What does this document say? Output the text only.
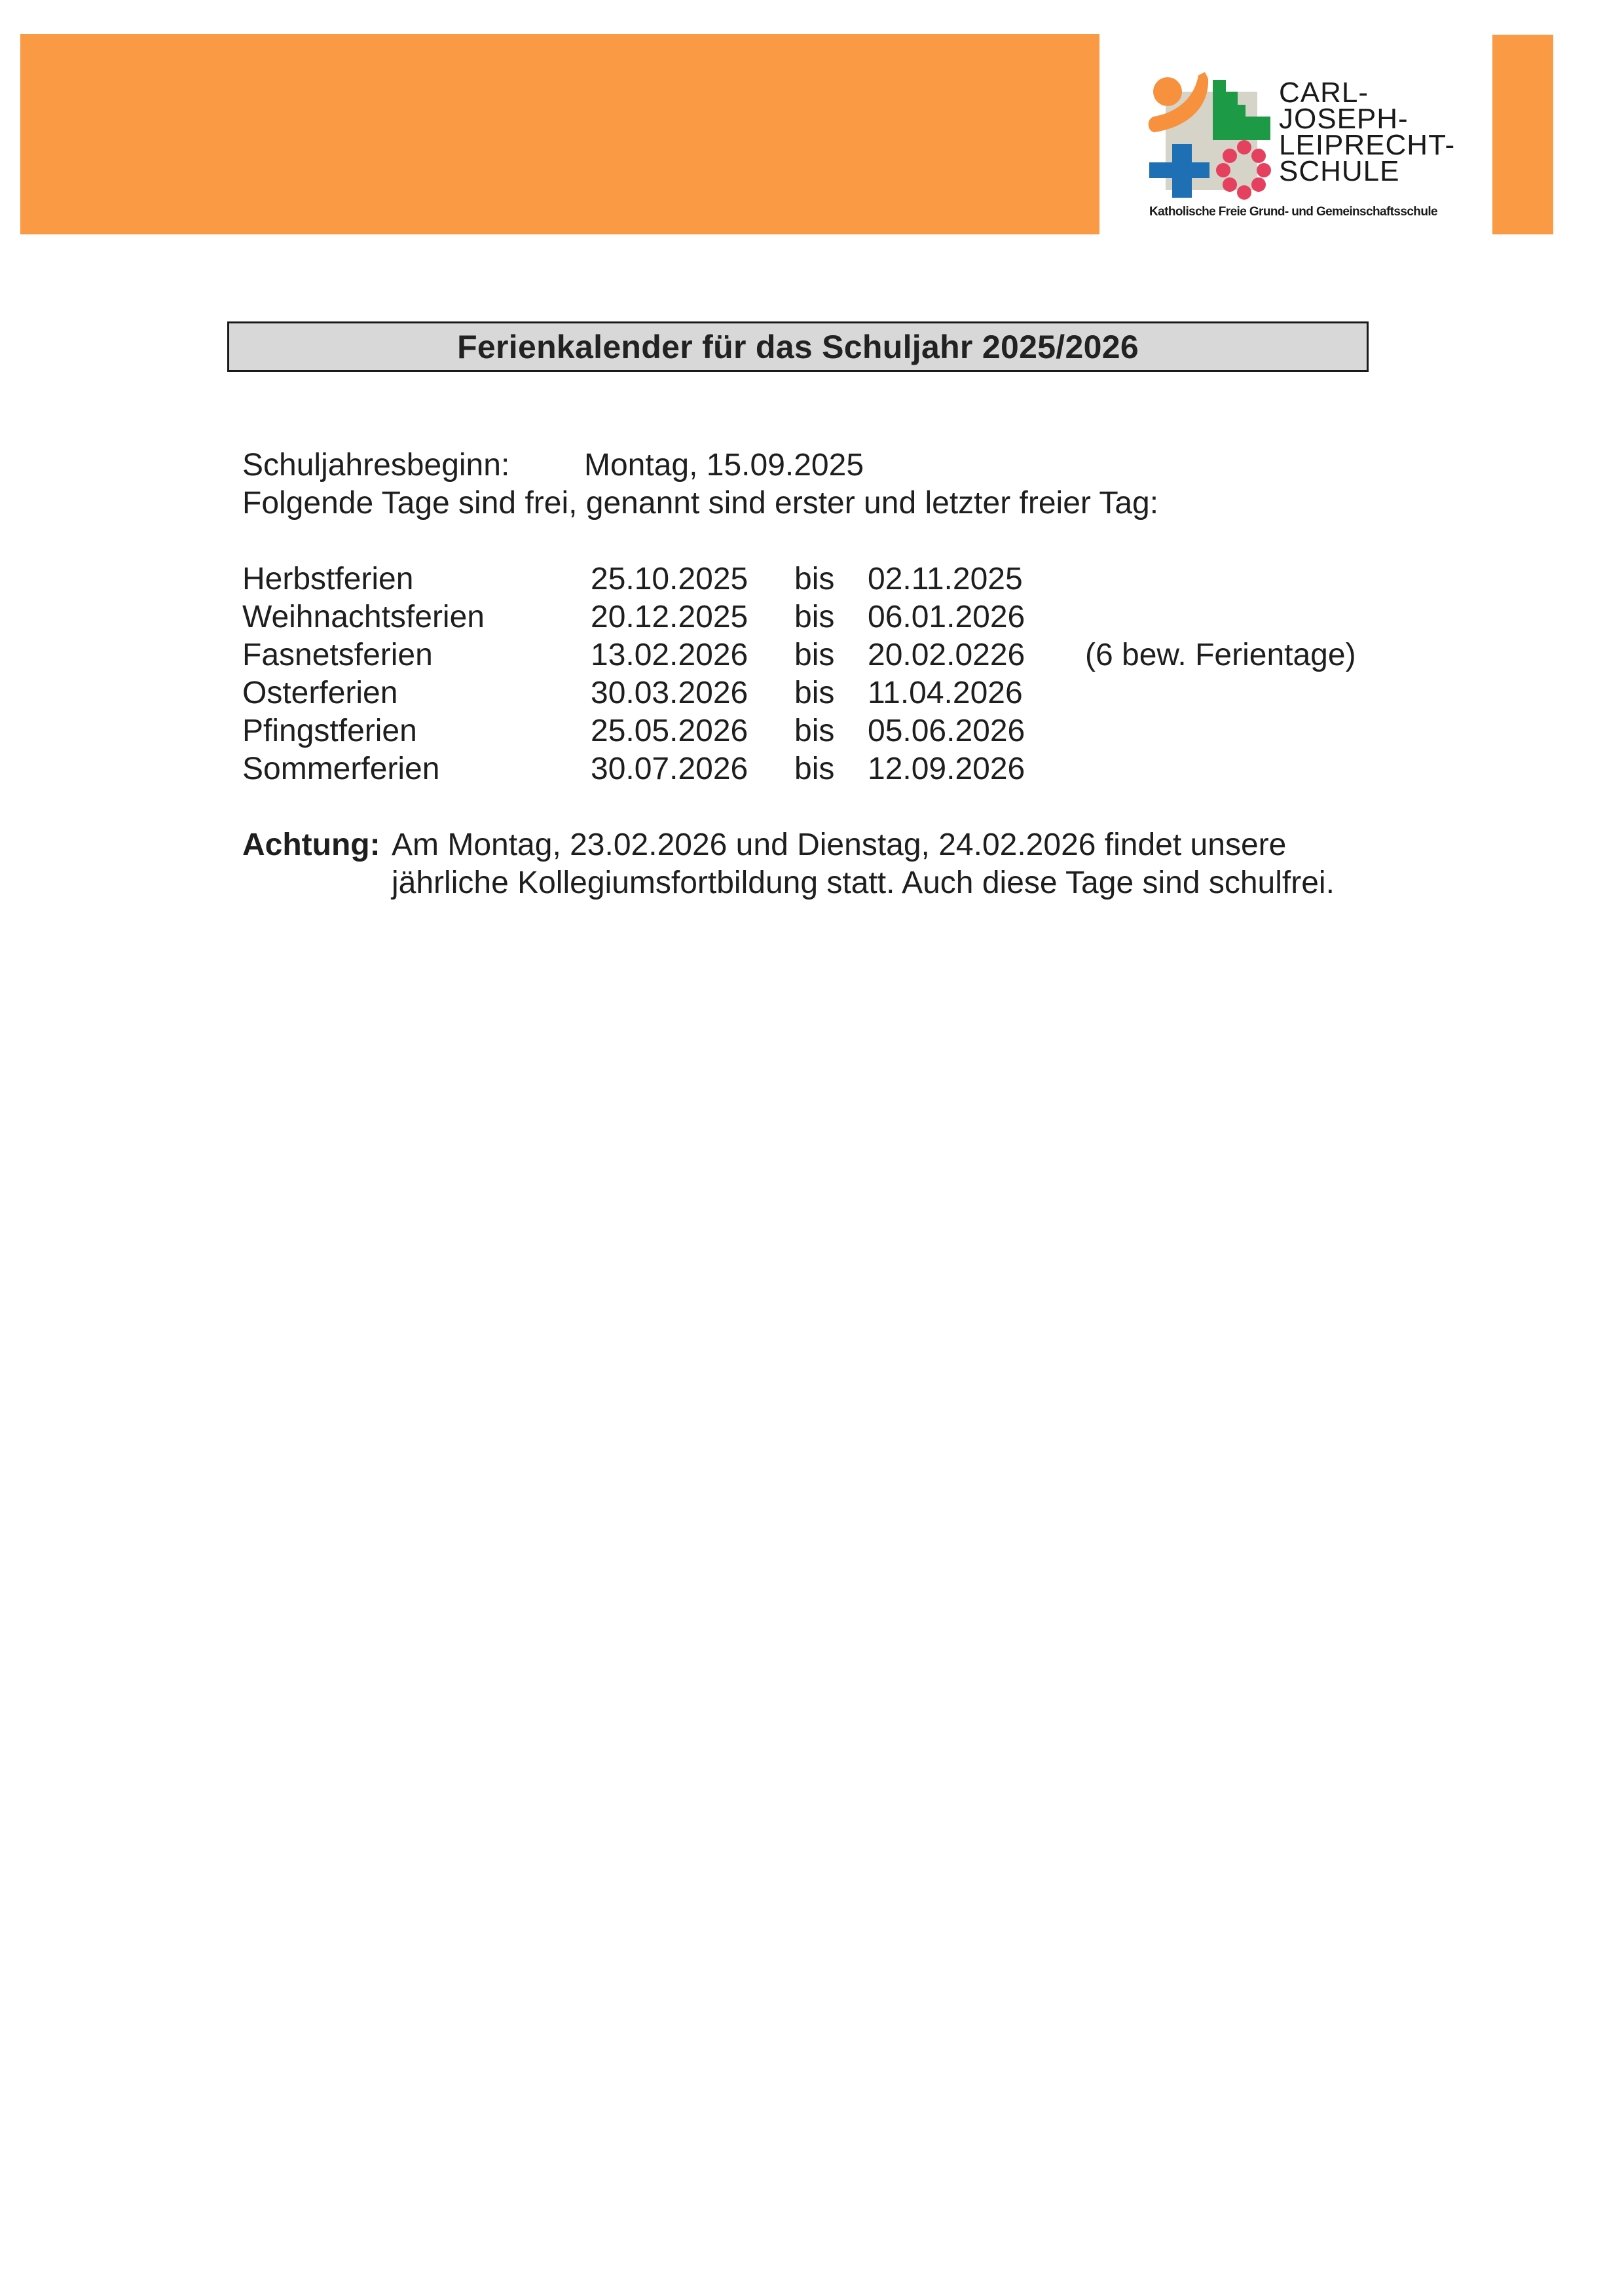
CARL-
JOSEPH-
LEIPRECHT-
SCHULE
Katholische Freie Grund- und Gemeinschaftsschule
Ferienkalender für das Schuljahr 2025/2026
Schuljahresbeginn: Montag, 15.09.2025
Folgende Tage sind frei, genannt sind erster und letzter freier Tag:
Herbstferien	25.10.2025 bis 02.11.2025
Weihnachtsferien	20.12.2025 bis 06.01.2026
Fasnetsferien	13.02.2026 bis 20.02.0226 (6 bew. Ferientage)
Osterferien	30.03.2026 bis 11.04.2026
Pfingstferien	25.05.2026 bis 05.06.2026
Sommerferien	30.07.2026 bis 12.09.2026
Achtung: Am Montag, 23.02.2026 und Dienstag, 24.02.2026 findet unsere
jährliche Kollegiumsfortbildung statt. Auch diese Tage sind schulfrei.
